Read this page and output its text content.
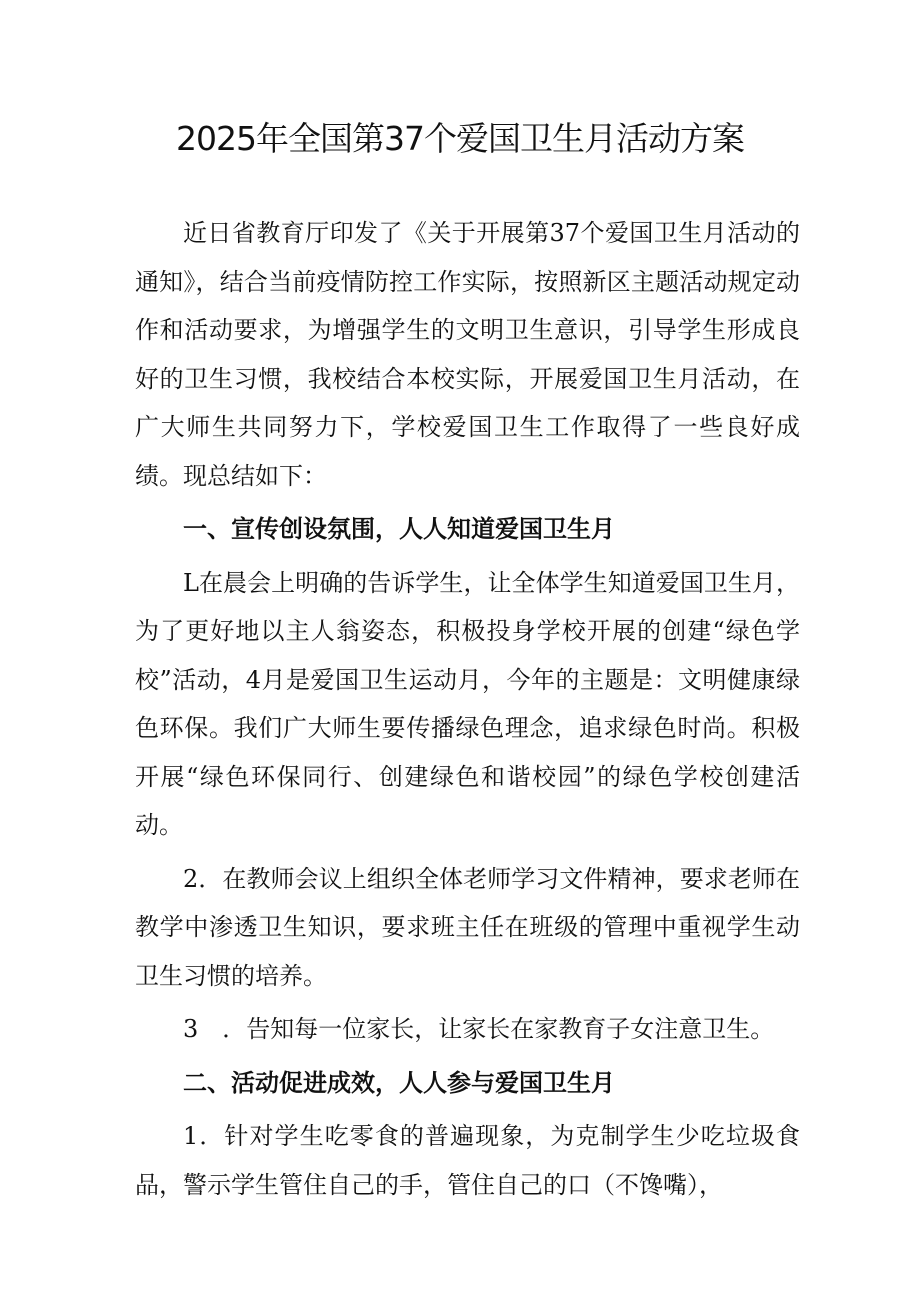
2025年全国第37个爱国卫生月活动方案

近日省教育厅印发了《关于开展第37个爱国卫生月活动的通知》，结合当前疫情防控工作实际，按照新区主题活动规定动作和活动要求，为增强学生的文明卫生意识，引导学生形成良好的卫生习惯，我校结合本校实际，开展爱国卫生月活动，在广大师生共同努力下，学校爱国卫生工作取得了一些良好成绩。现总结如下：

一、宣传创设氛围，人人知道爱国卫生月

L在晨会上明确的告诉学生，让全体学生知道爱国卫生月，为了更好地以主人翁姿态，积极投身学校开展的创建“绿色学校”活动，4月是爱国卫生运动月，今年的主题是：文明健康绿色环保。我们广大师生要传播绿色理念，追求绿色时尚。积极开展“绿色环保同行、创建绿色和谐校园”的绿色学校创建活动。

2．在教师会议上组织全体老师学习文件精神，要求老师在教学中渗透卫生知识，要求班主任在班级的管理中重视学生动卫生习惯的培养。

3　．告知每一位家长，让家长在家教育子女注意卫生。

二、活动促进成效，人人参与爱国卫生月

1．针对学生吃零食的普遍现象，为克制学生少吃垃圾食品，警示学生管住自己的手，管住自己的口（不馋嘴），
